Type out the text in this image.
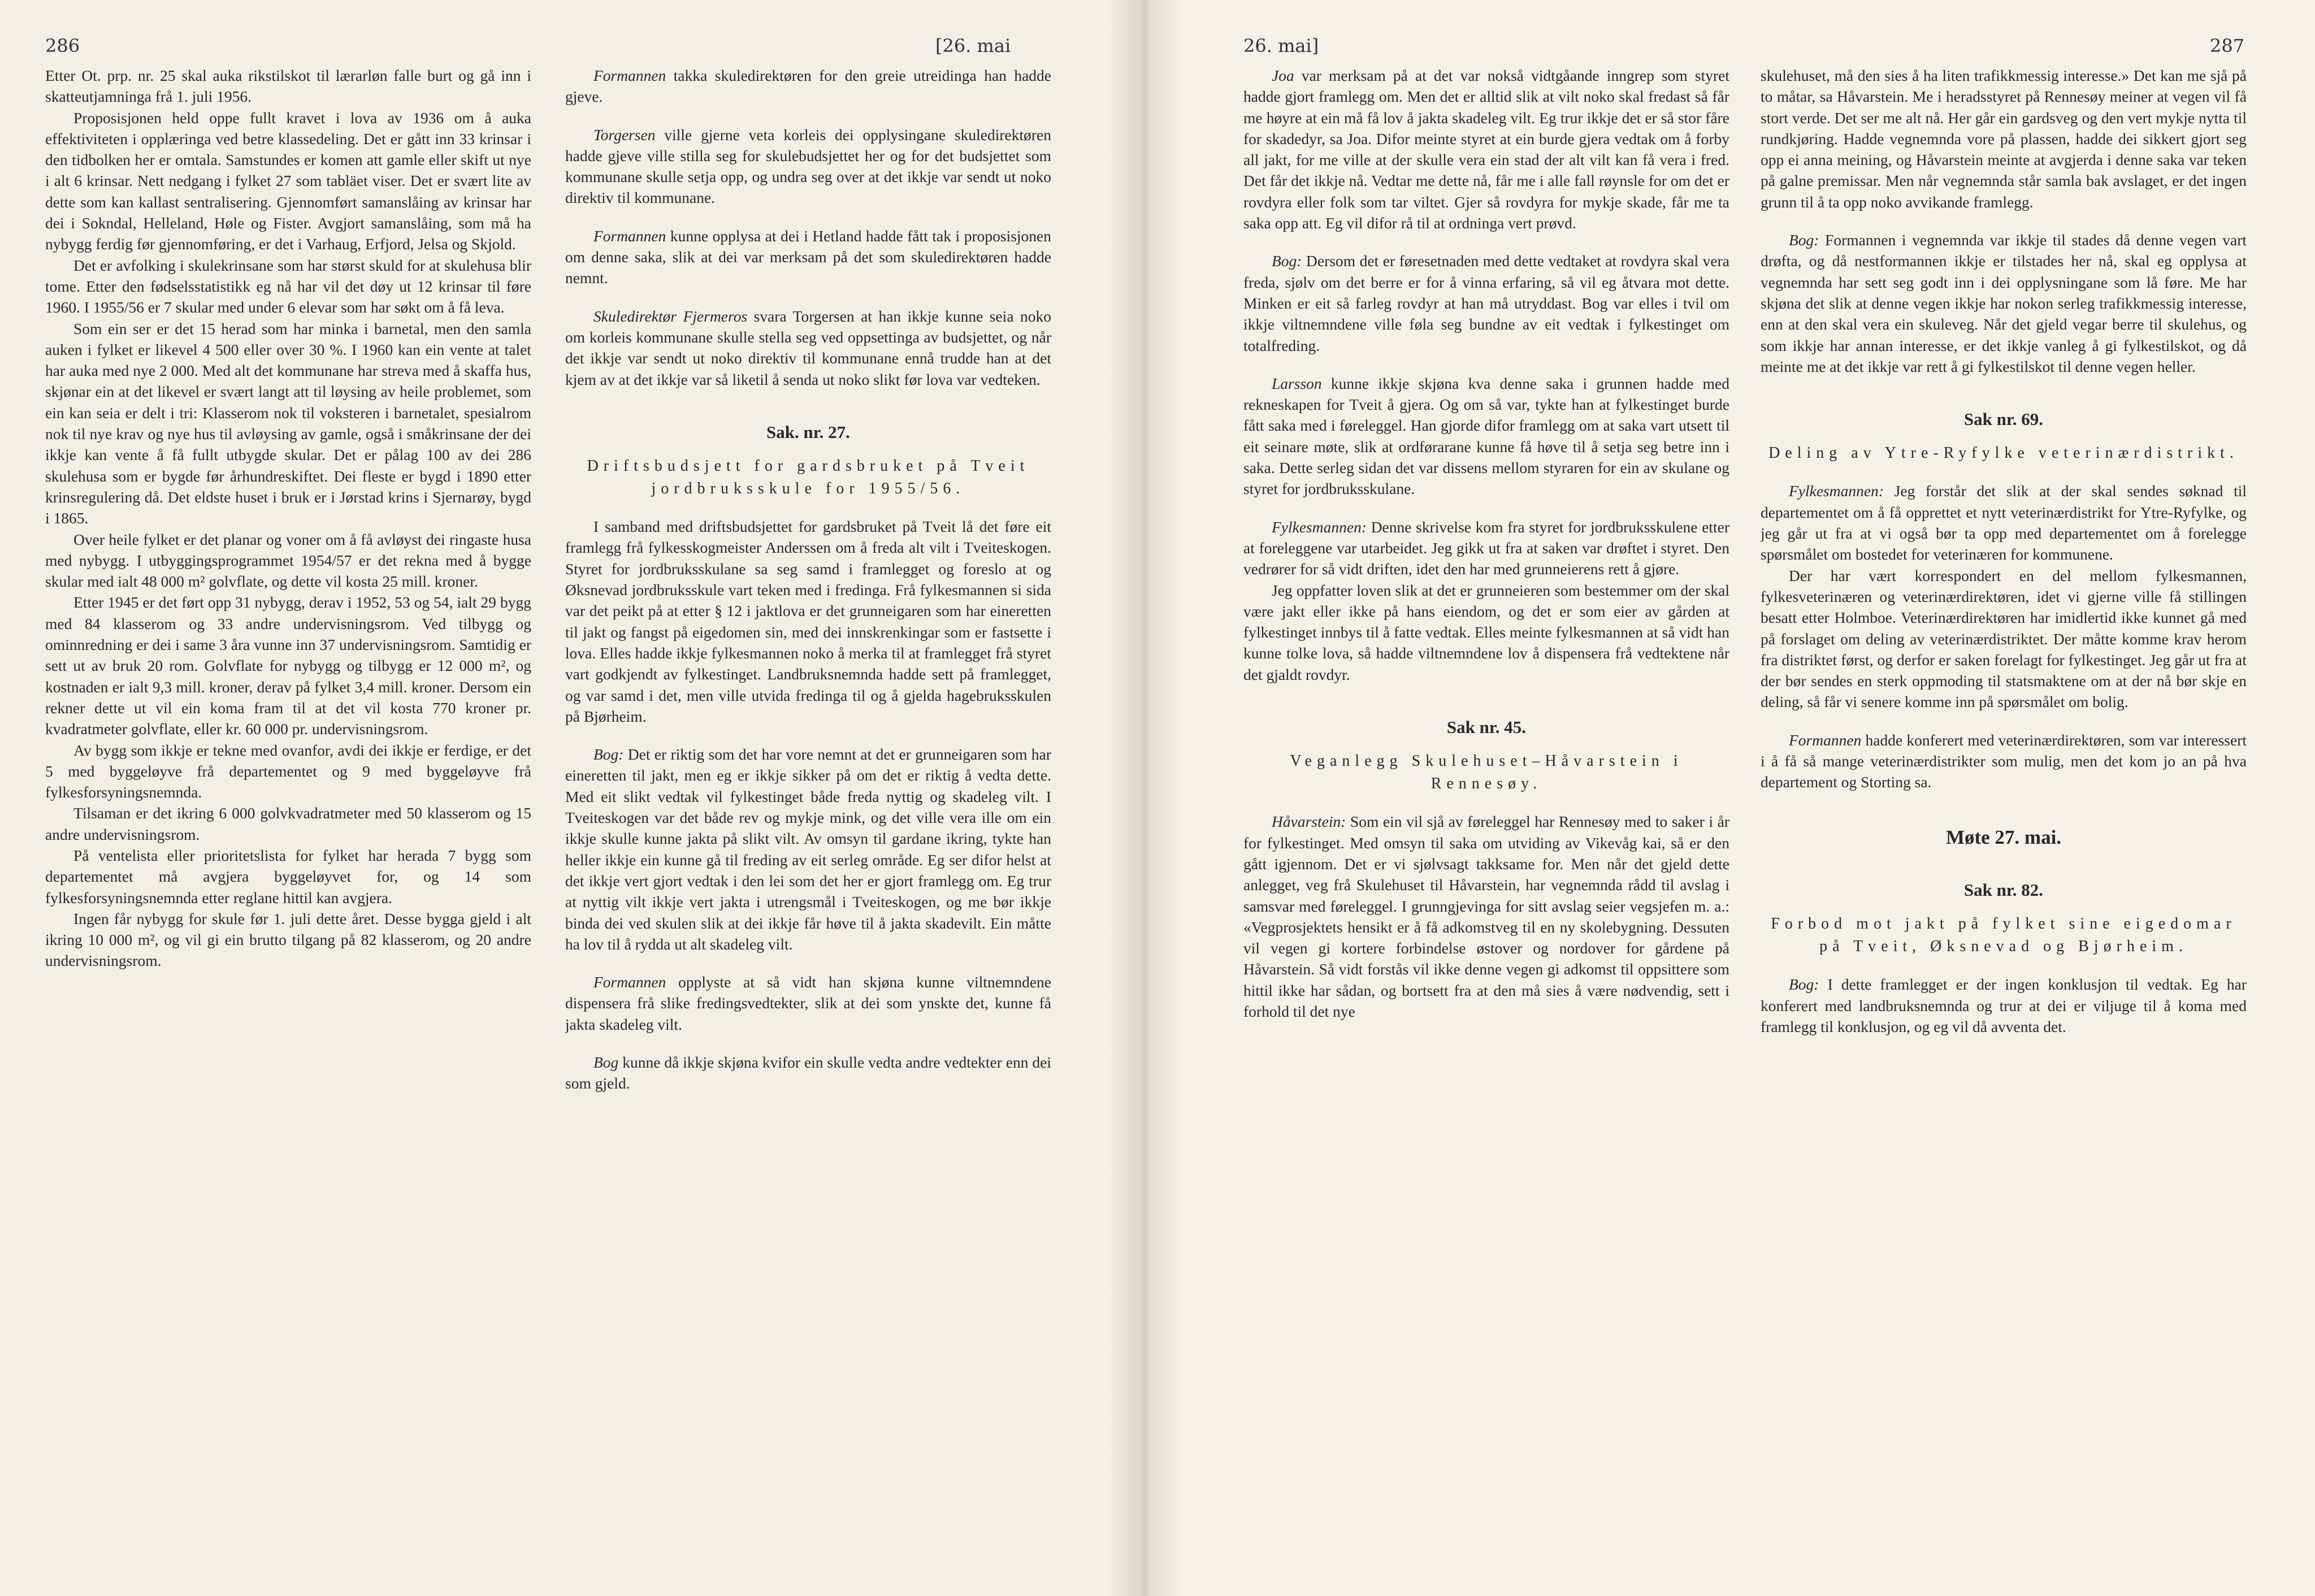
286	[26. mai

Etter Ot. prp. nr. 25 skal auka rikstilskot til lærarløn falle burt og gå inn i skatteutjamninga frå 1. juli 1956.

Proposisjonen held oppe fullt kravet i lova av 1936 om å auka effektiviteten i opplæringa ved betre klassedeling. Det er gått inn 33 krinsar i den tidbolken her er omtala. Samstundes er komen att gamle eller skift ut nye i alt 6 krinsar. Nett nedgang i fylket 27 som tabläet viser. Det er svært lite av dette som kan kallast sentralisering. Gjennomført samanslåing av krinsar har dei i Sokndal, Helleland, Høle og Fister. Avgjort samanslåing, som må ha nybygg ferdig før gjennomføring, er det i Varhaug, Erfjord, Jelsa og Skjold.

Det er avfolking i skulekrinsane som har størst skuld for at skulehusa blir tome. Etter den fødselsstatistikk eg nå har vil det døy ut 12 krinsar til føre 1960. I 1955/56 er 7 skular med under 6 elevar som har søkt om å få leva.

Som ein ser er det 15 herad som har minka i barnetal, men den samla auken i fylket er likevel 4 500 eller over 30 %. I 1960 kan ein vente at talet har auka med nye 2 000. Med alt det kommunane har streva med å skaffa hus, skjønar ein at det likevel er svært langt att til løysing av heile problemet, som ein kan seia er delt i tri: Klasserom nok til voksteren i barnetalet, spesialrom nok til nye krav og nye hus til avløysing av gamle, også i småkrinsane der dei ikkje kan vente å få fullt utbygde skular. Det er pålag 100 av dei 286 skulehusa som er bygde før århundreskiftet. Dei fleste er bygd i 1890 etter krinsregulering då. Det eldste huset i bruk er i Jørstad krins i Sjernarøy, bygd i 1865.

Over heile fylket er det planar og voner om å få avløyst dei ringaste husa med nybygg. I utbyggingsprogrammet 1954/57 er det rekna med å bygge skular med ialt 48 000 m² golvflate, og dette vil kosta 25 mill. kroner.

Etter 1945 er det ført opp 31 nybygg, derav i 1952, 53 og 54, ialt 29 bygg med 84 klasserom og 33 andre undervisningsrom. Ved tilbygg og ominnredning er dei i same 3 åra vunne inn 37 undervisningsrom. Samtidig er sett ut av bruk 20 rom. Golvflate for nybygg og tilbygg er 12 000 m², og kostnaden er ialt 9,3 mill. kroner, derav på fylket 3,4 mill. kroner. Dersom ein rekner dette ut vil ein koma fram til at det vil kosta 770 kroner pr. kvadratmeter golvflate, eller kr. 60 000 pr. undervisningsrom.

Av bygg som ikkje er tekne med ovanfor, avdi dei ikkje er ferdige, er det 5 med byggeløyve frå departementet og 9 med byggeløyve frå fylkesforsyningsnemnda.

Tilsaman er det ikring 6 000 golvkvadratmeter med 50 klasserom og 15 andre undervisningsrom.

På ventelista eller prioritetslista for fylket har herada 7 bygg som departementet må avgjera byggeløyvet for, og 14 som fylkesforsyningsnemnda etter reglane hittil kan avgjera.

Ingen får nybygg for skule før 1. juli dette året. Desse bygga gjeld i alt ikring 10 000 m², og vil gi ein brutto tilgang på 82 klasserom, og 20 andre undervisningsrom.

Formannen takka skuledirektøren for den greie utreidinga han hadde gjeve.

Torgersen ville gjerne veta korleis dei opplysingane skuledirektøren hadde gjeve ville stilla seg for skulebudsjettet her og for det budsjettet som kommunane skulle setja opp, og undra seg over at det ikkje var sendt ut noko direktiv til kommunane.

Formannen kunne opplysa at dei i Hetland hadde fått tak i proposisjonen om denne saka, slik at dei var merksam på det som skuledirektøren hadde nemnt.

Skuledirektør Fjermeros svara Torgersen at han ikkje kunne seia noko om korleis kommunane skulle stella seg ved oppsettinga av budsjettet, og når det ikkje var sendt ut noko direktiv til kommunane ennå trudde han at det kjem av at det ikkje var så liketil å senda ut noko slikt før lova var vedteken.

Sak. nr. 27.
Driftsbudsjett for gardsbruket på Tveit jordbruksskule for 1955/56.

I samband med driftsbudsjettet for gardsbruket på Tveit lå det føre eit framlegg frå fylkesskogmeister Anderssen om å freda alt vilt i Tveiteskogen. Styret for jordbruksskulane sa seg samd i framlegget og foreslo at og Øksnevad jordbruksskule vart teken med i fredinga. Frå fylkesmannen si sida var det peikt på at etter § 12 i jaktlova er det grunneigaren som har eineretten til jakt og fangst på eigedomen sin, med dei innskrenkingar som er fastsette i lova. Elles hadde ikkje fylkesmannen noko å merka til at framlegget frå styret vart godkjendt av fylkestinget. Landbruksnemnda hadde sett på framlegget, og var samd i det, men ville utvida fredinga til og å gjelda hagebruksskulen på Bjørheim.

Bog: Det er riktig som det har vore nemnt at det er grunneigaren som har eineretten til jakt, men eg er ikkje sikker på om det er riktig å vedta dette. Med eit slikt vedtak vil fylkestinget både freda nyttig og skadeleg vilt. I Tveiteskogen var det både rev og mykje mink, og det ville vera ille om ein ikkje skulle kunne jakta på slikt vilt. Av omsyn til gardane ikring, tykte han heller ikkje ein kunne gå til freding av eit serleg område. Eg ser difor helst at det ikkje vert gjort vedtak i den lei som det her er gjort framlegg om. Eg trur at nyttig vilt ikkje vert jakta i utrengsmål i Tveiteskogen, og me bør ikkje binda dei ved skulen slik at dei ikkje får høve til å jakta skadevilt. Ein måtte ha lov til å rydda ut alt skadeleg vilt.

Formannen opplyste at så vidt han skjøna kunne viltnemndene dispensera frå slike fredingsvedtekter, slik at dei som ynskte det, kunne få jakta skadeleg vilt.

Bog kunne då ikkje skjøna kvifor ein skulle vedta andre vedtekter enn dei som gjeld.

26. mai]	287

Joa var merksam på at det var nokså vidtgåande inngrep som styret hadde gjort framlegg om. Men det er alltid slik at vilt noko skal fredast så får me høyre at ein må få lov å jakta skadeleg vilt. Eg trur ikkje det er så stor fåre for skadedyr, sa Joa. Difor meinte styret at ein burde gjera vedtak om å forby all jakt, for me ville at der skulle vera ein stad der alt vilt kan få vera i fred. Det får det ikkje nå. Vedtar me dette nå, får me i alle fall røynsle for om det er rovdyra eller folk som tar viltet. Gjer så rovdyra for mykje skade, får me ta saka opp att. Eg vil difor rå til at ordninga vert prøvd.

Bog: Dersom det er føresetnaden med dette vedtaket at rovdyra skal vera freda, sjølv om det berre er for å vinna erfaring, så vil eg åtvara mot dette. Minken er eit så farleg rovdyr at han må utryddast. Bog var elles i tvil om ikkje viltnemndene ville føla seg bundne av eit vedtak i fylkestinget om totalfreding.

Larsson kunne ikkje skjøna kva denne saka i grunnen hadde med rekneskapen for Tveit å gjera. Og om så var, tykte han at fylkestinget burde fått saka med i føreleggel. Han gjorde difor framlegg om at saka vart utsett til eit seinare møte, slik at ordførarane kunne få høve til å setja seg betre inn i saka. Dette serleg sidan det var dissens mellom styraren for ein av skulane og styret for jordbruksskulane.

Fylkesmannen: Denne skrivelse kom fra styret for jordbruksskulene etter at foreleggene var utarbeidet. Jeg gikk ut fra at saken var drøftet i styret. Den vedrører for så vidt driften, idet den har med grunneierens rett å gjøre.

Jeg oppfatter loven slik at det er grunneieren som bestemmer om der skal være jakt eller ikke på hans eiendom, og det er som eier av gården at fylkestinget innbys til å fatte vedtak. Elles meinte fylkesmannen at så vidt han kunne tolke lova, så hadde viltnemndene lov å dispensera frå vedtektene når det gjaldt rovdyr.

Sak nr. 45.
Veganlegg Skulehuset–Håvarstein i Rennesøy.

Håvarstein: Som ein vil sjå av føreleggel har Rennesøy med to saker i år for fylkestinget. Med omsyn til saka om utviding av Vikevåg kai, så er den gått igjennom. Det er vi sjølvsagt takksame for. Men når det gjeld dette anlegget, veg frå Skulehuset til Håvarstein, har vegnemnda rådd til avslag i samsvar med føreleggel. I grunngjevinga for sitt avslag seier vegsjefen m. a.: «Vegprosjektets hensikt er å få adkomstveg til en ny skolebygning. Dessuten vil vegen gi kortere forbindelse østover og nordover for gårdene på Håvarstein. Så vidt forstås vil ikke denne vegen gi adkomst til oppsittere som hittil ikke har sådan, og bortsett fra at den må sies å være nødvendig, sett i forhold til det nye

skulehuset, må den sies å ha liten trafikkmessig interesse.» Det kan me sjå på to måtar, sa Håvarstein. Me i heradsstyret på Rennesøy meiner at vegen vil få stort verde. Det ser me alt nå. Her går ein gardsveg og den vert mykje nytta til rundkjøring. Hadde vegnemnda vore på plassen, hadde dei sikkert gjort seg opp ei anna meining, og Håvarstein meinte at avgjerda i denne saka var teken på galne premissar. Men når vegnemnda står samla bak avslaget, er det ingen grunn til å ta opp noko avvikande framlegg.

Bog: Formannen i vegnemnda var ikkje til stades då denne vegen vart drøfta, og då nestformannen ikkje er tilstades her nå, skal eg opplysa at vegnemnda har sett seg godt inn i dei opplysningane som lå føre. Me har skjøna det slik at denne vegen ikkje har nokon serleg trafikkmessig interesse, enn at den skal vera ein skuleveg. Når det gjeld vegar berre til skulehus, og som ikkje har annan interesse, er det ikkje vanleg å gi fylkestilskot, og då meinte me at det ikkje var rett å gi fylkestilskot til denne vegen heller.

Sak nr. 69.
Deling av Ytre-Ryfylke veterinærdistrikt.

Fylkesmannen: Jeg forstår det slik at der skal sendes søknad til departementet om å få opprettet et nytt veterinærdistrikt for Ytre-Ryfylke, og jeg går ut fra at vi også bør ta opp med departementet om å forelegge spørsmålet om bostedet for veterinæren for kommunene.

Der har vært korrespondert en del mellom fylkesmannen, fylkesveterinæren og veterinærdirektøren, idet vi gjerne ville få stillingen besatt etter Holmboe. Veterinærdirektøren har imidlertid ikke kunnet gå med på forslaget om deling av veterinærdistriktet. Der måtte komme krav herom fra distriktet først, og derfor er saken forelagt for fylkestinget. Jeg går ut fra at der bør sendes en sterk oppmoding til statsmaktene om at der nå bør skje en deling, så får vi senere komme inn på spørsmålet om bolig.

Formannen hadde konferert med veterinærdirektøren, som var interessert i å få så mange veterinærdistrikter som mulig, men det kom jo an på hva departement og Storting sa.

Møte 27. mai.
Sak nr. 82.
Forbod mot jakt på fylket sine eigedomar på Tveit, Øksnevad og Bjørheim.

Bog: I dette framlegget er der ingen konklusjon til vedtak. Eg har konferert med landbruksnemnda og trur at dei er viljuge til å koma med framlegg til konklusjon, og eg vil då avventa det.
